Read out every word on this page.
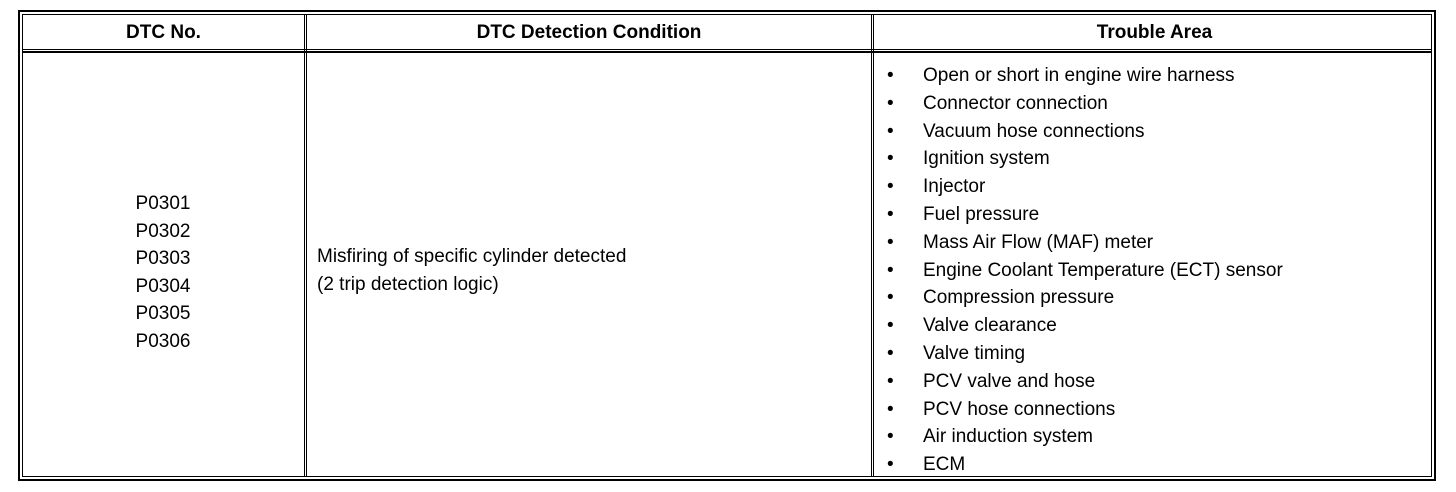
DTC No.	DTC Detection Condition	Trouble Area
P0301
P0302
P0303
P0304
P0305
P0306
Misfiring of specific cylinder detected
(2 trip detection logic)
• Open or short in engine wire harness
• Connector connection
• Vacuum hose connections
• Ignition system
• Injector
• Fuel pressure
• Mass Air Flow (MAF) meter
• Engine Coolant Temperature (ECT) sensor
• Compression pressure
• Valve clearance
• Valve timing
• PCV valve and hose
• PCV hose connections
• Air induction system
• ECM
